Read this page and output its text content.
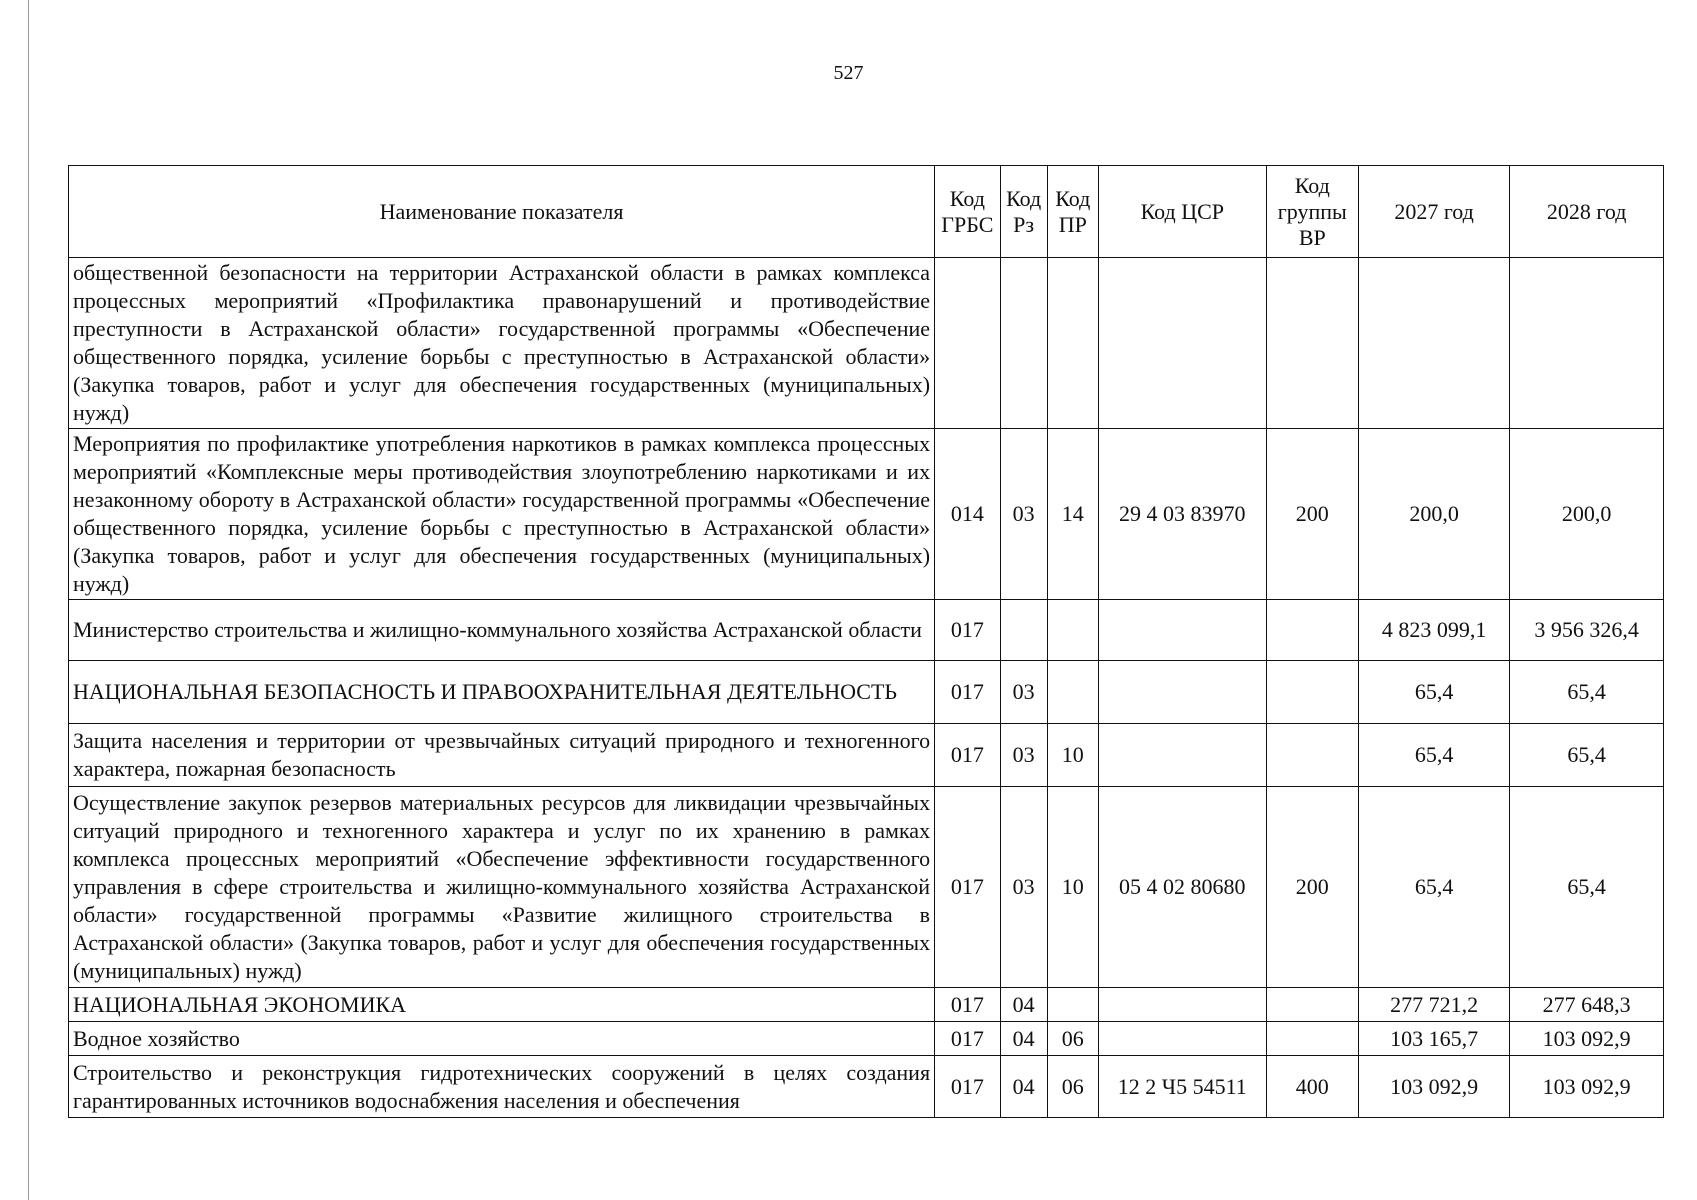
527
Наименование показателя	Код ГРБС	Код Рз	Код ПР	Код ЦСР	Код группы ВР	2027 год	2028 год
общественной безопасности на территории Астраханской области в рамках комплекса процессных мероприятий «Профилактика правонарушений и противодействие преступности в Астраханской области» государственной программы «Обеспечение общественного порядка, усиление борьбы с преступностью в Астраханской области» (Закупка товаров, работ и услуг для обеспечения государственных (муниципальных) нужд)							
Мероприятия по профилактике употребления наркотиков в рамках комплекса процессных мероприятий «Комплексные меры противодействия злоупотреблению наркотиками и их незаконному обороту в Астраханской области» государственной программы «Обеспечение общественного порядка, усиление борьбы с преступностью в Астраханской области» (Закупка товаров, работ и услуг для обеспечения государственных (муниципальных) нужд)	014	03	14	29 4 03 83970	200	200,0	200,0
Министерство строительства и жилищно-коммунального хозяйства Астраханской области	017					4 823 099,1	3 956 326,4
НАЦИОНАЛЬНАЯ БЕЗОПАСНОСТЬ И ПРАВООХРАНИТЕЛЬНАЯ ДЕЯТЕЛЬНОСТЬ	017	03				65,4	65,4
Защита населения и территории от чрезвычайных ситуаций природного и техногенного характера, пожарная безопасность	017	03	10			65,4	65,4
Осуществление закупок резервов материальных ресурсов для ликвидации чрезвычайных ситуаций природного и техногенного характера и услуг по их хранению в рамках комплекса процессных мероприятий «Обеспечение эффективности государственного управления в сфере строительства и жилищно-коммунального хозяйства Астраханской области» государственной программы «Развитие жилищного строительства в Астраханской области» (Закупка товаров, работ и услуг для обеспечения государственных (муниципальных) нужд)	017	03	10	05 4 02 80680	200	65,4	65,4
НАЦИОНАЛЬНАЯ ЭКОНОМИКА	017	04				277 721,2	277 648,3
Водное хозяйство	017	04	06			103 165,7	103 092,9
Строительство и реконструкция гидротехнических сооружений в целях создания гарантированных источников водоснабжения населения и обеспечения	017	04	06	12 2 Ч5 54511	400	103 092,9	103 092,9
